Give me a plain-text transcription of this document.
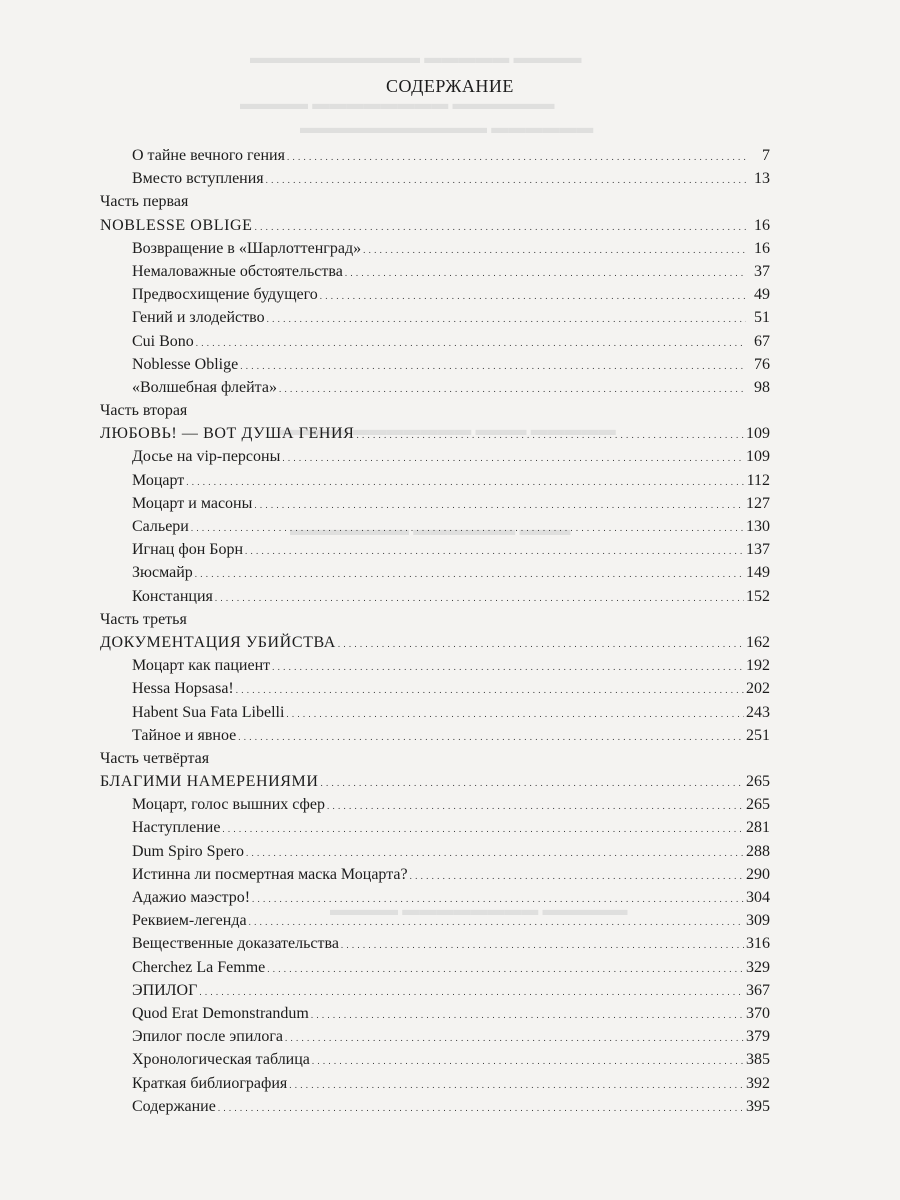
▬▬▬▬ ▬▬▬▬▬ ▬▬▬▬▬▬▬▬▬▬
▬▬▬▬▬▬ ▬▬▬▬▬▬▬▬ ▬▬▬▬
▬▬▬▬▬▬ ▬▬▬▬▬▬▬▬▬▬▬
▬▬▬▬▬ ▬▬▬ ▬▬▬▬▬▬▬ ▬▬▬▬
▬▬▬ ▬▬▬▬▬▬ ▬▬▬▬▬▬▬
▬▬▬▬▬ ▬▬▬▬▬▬▬▬ ▬▬▬▬
СОДЕРЖАНИЕ
О тайне вечного гения . . .	7
Вместо вступления . . .	13
Часть первая
NOBLESSE OBLIGE . . .	16
Возвращение в «Шарлоттенград» . . .	16
Немаловажные обстоятельства . . .	37
Предвосхищение будущего . . .	49
Гений и злодейство . . .	51
Cui Bono . . .	67
Noblesse Oblige . . .	76
«Волшебная флейта» . . .	98
Часть вторая
ЛЮБОВЬ! — ВОТ ДУША ГЕНИЯ . . .	109
Досье на vip-персоны . . .	109
Моцарт . . .	112
Моцарт и масоны . . .	127
Сальери . . .	130
Игнац фон Борн . . .	137
Зюсмайр . . .	149
Констанция . . .	152
Часть третья
ДОКУМЕНТАЦИЯ УБИЙСТВА . . .	162
Моцарт как пациент . . .	192
Hessa Hopsasa! . . .	202
Habent Sua Fata Libelli . . .	243
Тайное и явное . . .	251
Часть четвёртая
БЛАГИМИ НАМЕРЕНИЯМИ . . .	265
Моцарт, голос вышних сфер . . .	265
Наступление . . .	281
Dum Spiro Spero . . .	288
Истинна ли посмертная маска Моцарта? . . .	290
Адажио маэстро! . . .	304
Реквием-легенда . . .	309
Вещественные доказательства . . .	316
Cherchez La Femme . . .	329
ЭПИЛОГ . . .	367
Quod Erat Demonstrandum . . .	370
Эпилог после эпилога . . .	379
Хронологическая таблица . . .	385
Краткая библиография . . .	392
Содержание . . .	395
